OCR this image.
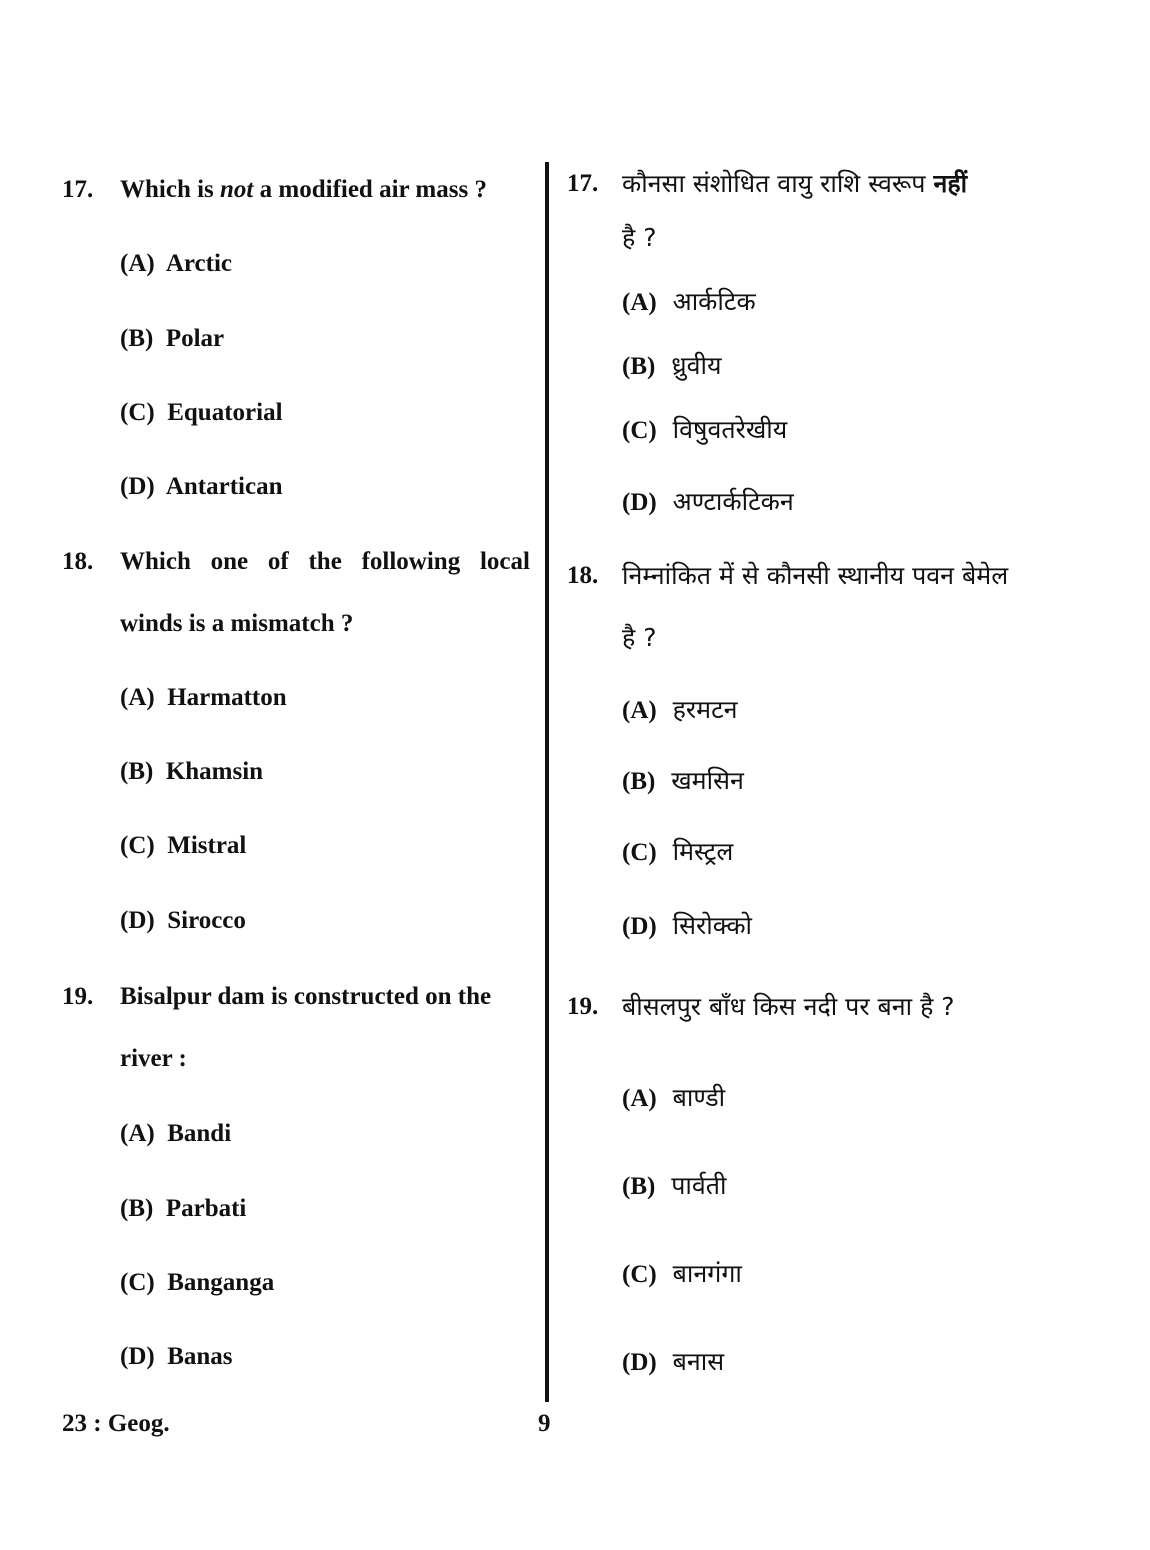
17. Which is not a modified air mass ?
(A) Arctic
(B) Polar
(C) Equatorial
(D) Antartican
18. Which one of the following local
winds is a mismatch ?
(A) Harmatton
(B) Khamsin
(C) Mistral
(D) Sirocco
19. Bisalpur dam is constructed on the
river :
(A) Bandi
(B) Parbati
(C) Banganga
(D) Banas
17. कौनसा संशोधित वायु राशि स्वरूप नहीं
है ?
(A) आर्कटिक
(B) ध्रुवीय
(C) विषुवतरेखीय
(D) अण्टार्कटिकन
18. निम्नांकित में से कौनसी स्थानीय पवन बेमेल
है ?
(A) हरमटन
(B) खमसिन
(C) मिस्ट्रल
(D) सिरोक्को
19. बीसलपुर बाँध किस नदी पर बना है ?
(A) बाण्डी
(B) पार्वती
(C) बानगंगा
(D) बनास
23 : Geog.	9
